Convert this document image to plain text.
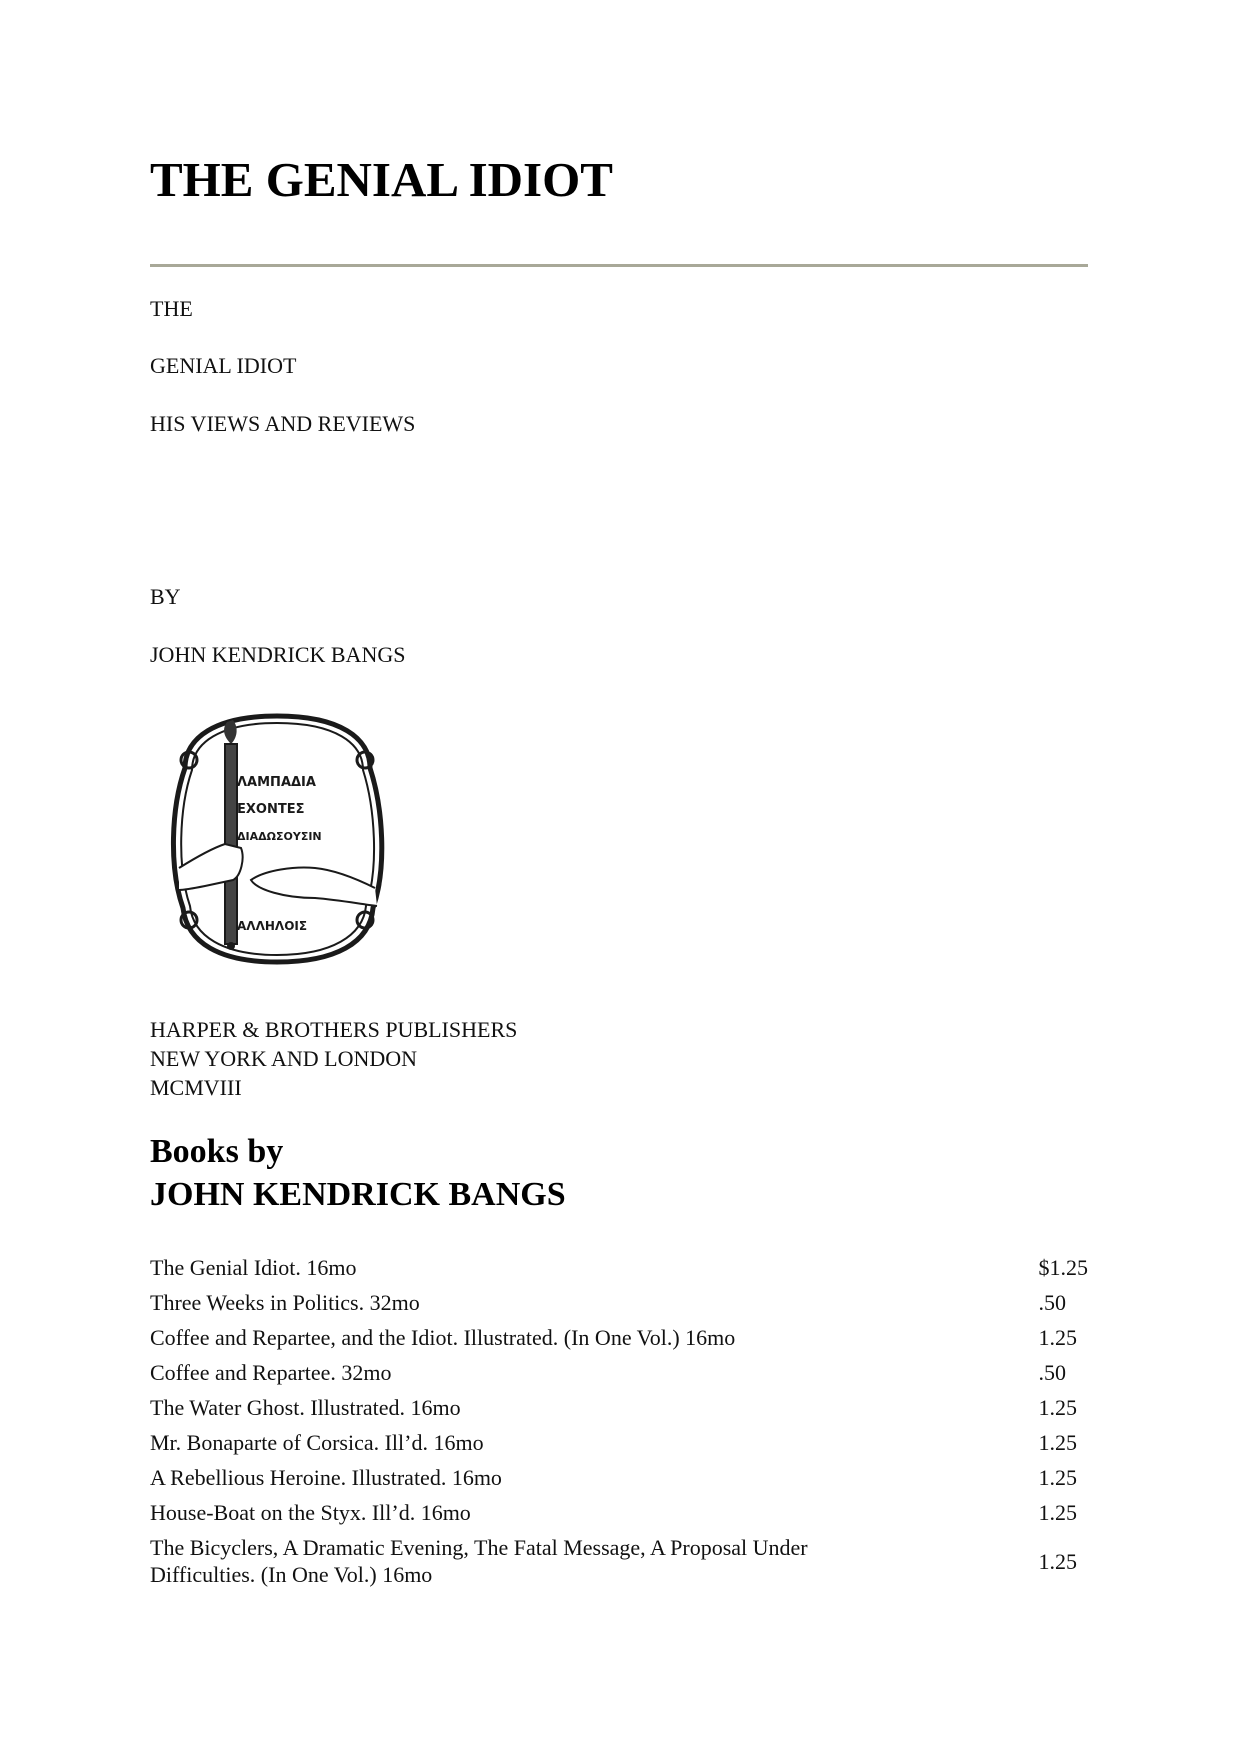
THE GENIAL IDIOT

THE

GENIAL IDIOT

HIS VIEWS AND REVIEWS

BY

JOHN KENDRICK BANGS

ΛΑΜΠΑΔΙΑ
ΕΧΟΝΤΕΣ
ΔΙΑΔΩΣΟΥΣΙΝ
ΑΛΛΗΛΟΙΣ
HARPER & BROTHERS PUBLISHERS
NEW YORK AND LONDON
MCMVIII
Books by
JOHN KENDRICK BANGS
The Genial Idiot. 16mo	$1.25
Three Weeks in Politics. 32mo	.50
Coffee and Repartee, and the Idiot. Illustrated. (In One Vol.) 16mo	1.25
Coffee and Repartee. 32mo	.50
The Water Ghost. Illustrated. 16mo	1.25
Mr. Bonaparte of Corsica. Ill’d. 16mo	1.25
A Rebellious Heroine. Illustrated. 16mo	1.25
House-Boat on the Styx. Ill’d. 16mo	1.25
The Bicyclers, A Dramatic Evening, The Fatal Message, A Proposal Under Difficulties. (In One Vol.) 16mo	1.25
